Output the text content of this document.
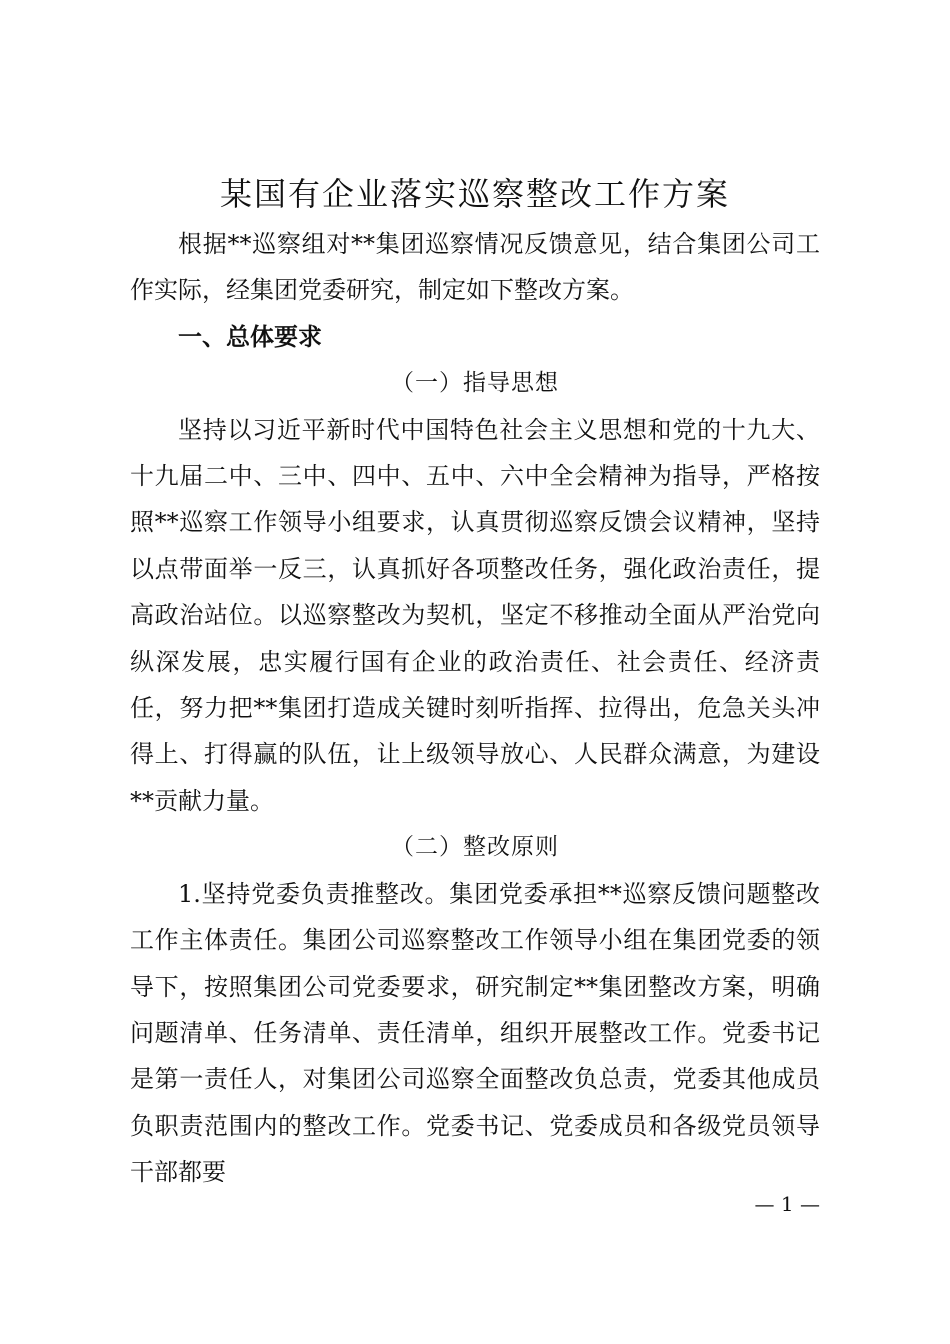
某国有企业落实巡察整改工作方案

根据**巡察组对**集团巡察情况反馈意见，结合集团公司工作实际，经集团党委研究，制定如下整改方案。

一、总体要求

（一）指导思想

坚持以习近平新时代中国特色社会主义思想和党的十九大、十九届二中、三中、四中、五中、六中全会精神为指导，严格按照**巡察工作领导小组要求，认真贯彻巡察反馈会议精神，坚持以点带面举一反三，认真抓好各项整改任务，强化政治责任，提高政治站位。以巡察整改为契机，坚定不移推动全面从严治党向纵深发展，忠实履行国有企业的政治责任、社会责任、经济责任，努力把**集团打造成关键时刻听指挥、拉得出，危急关头冲得上、打得赢的队伍，让上级领导放心、人民群众满意，为建设**贡献力量。

（二）整改原则

1.坚持党委负责推整改。集团党委承担**巡察反馈问题整改工作主体责任。集团公司巡察整改工作领导小组在集团党委的领导下，按照集团公司党委要求，研究制定**集团整改方案，明确问题清单、任务清单、责任清单，组织开展整改工作。党委书记是第一责任人，对集团公司巡察全面整改负总责，党委其他成员负职责范围内的整改工作。党委书记、党委成员和各级党员领导干部都要

— 1 —
